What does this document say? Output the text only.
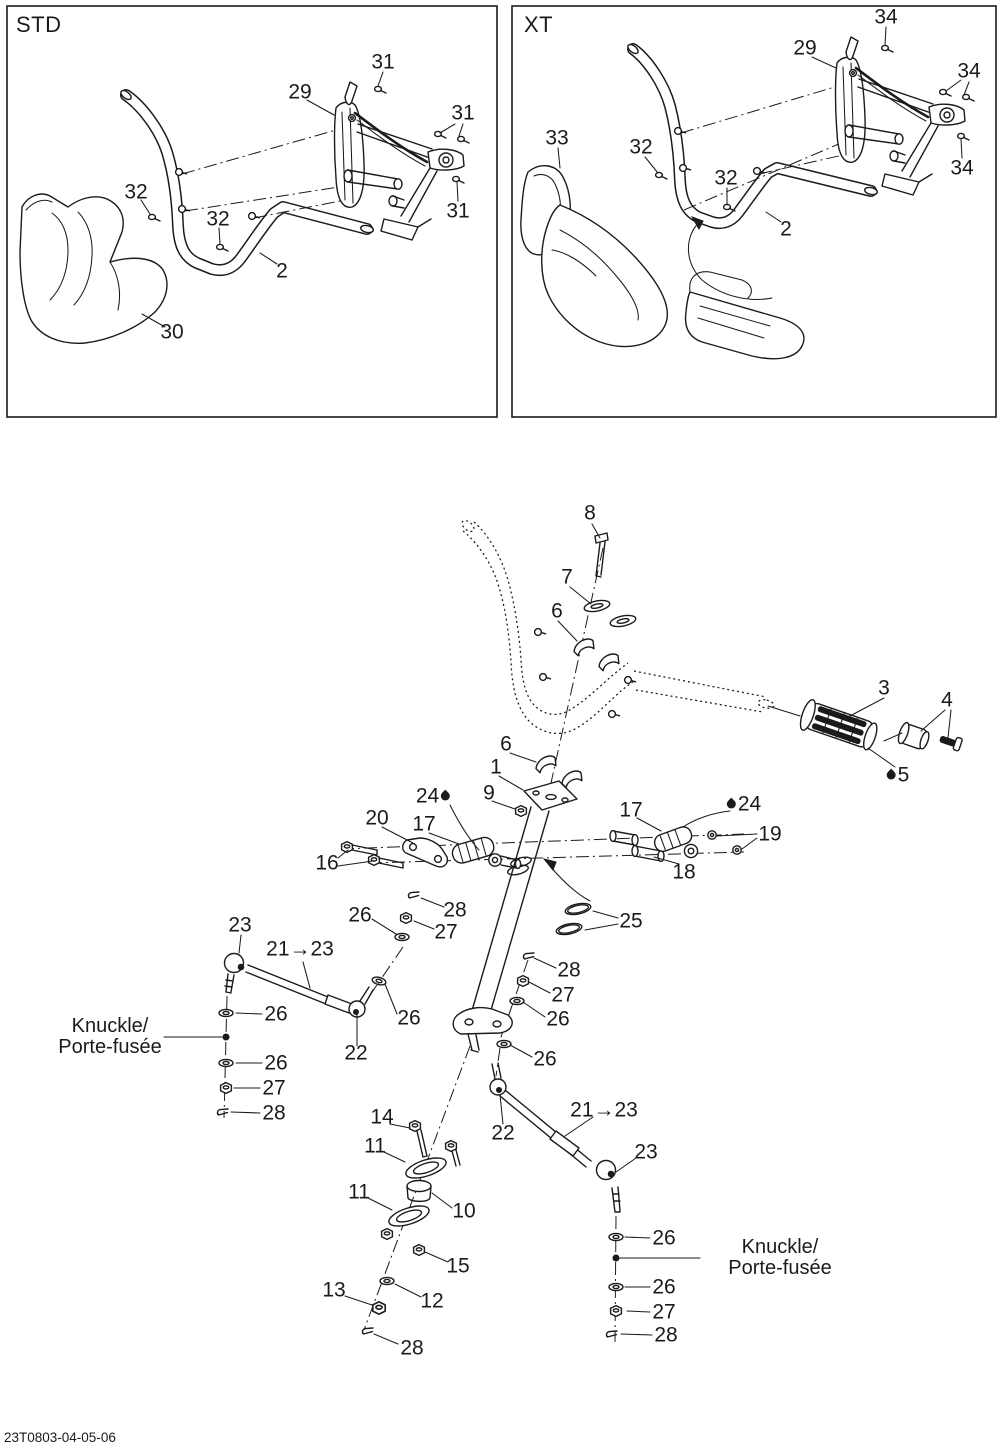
STD	XT
31
29
31
31
32
32
2
30
34
29
34
34
33	32
32
2
8
7
6
3
4
5
6
1
9
24
20 17
16
17	24
19
18
25
28
26
27
23
21→23
26
26
27
28
22
26
28
27
26
26
14
11
11
10
15
12
13
28
22
21→23
23
26
26
27
28
Knuckle/
Porte-fusée
Knuckle/
Porte-fusée
23T0803-04-05-06
